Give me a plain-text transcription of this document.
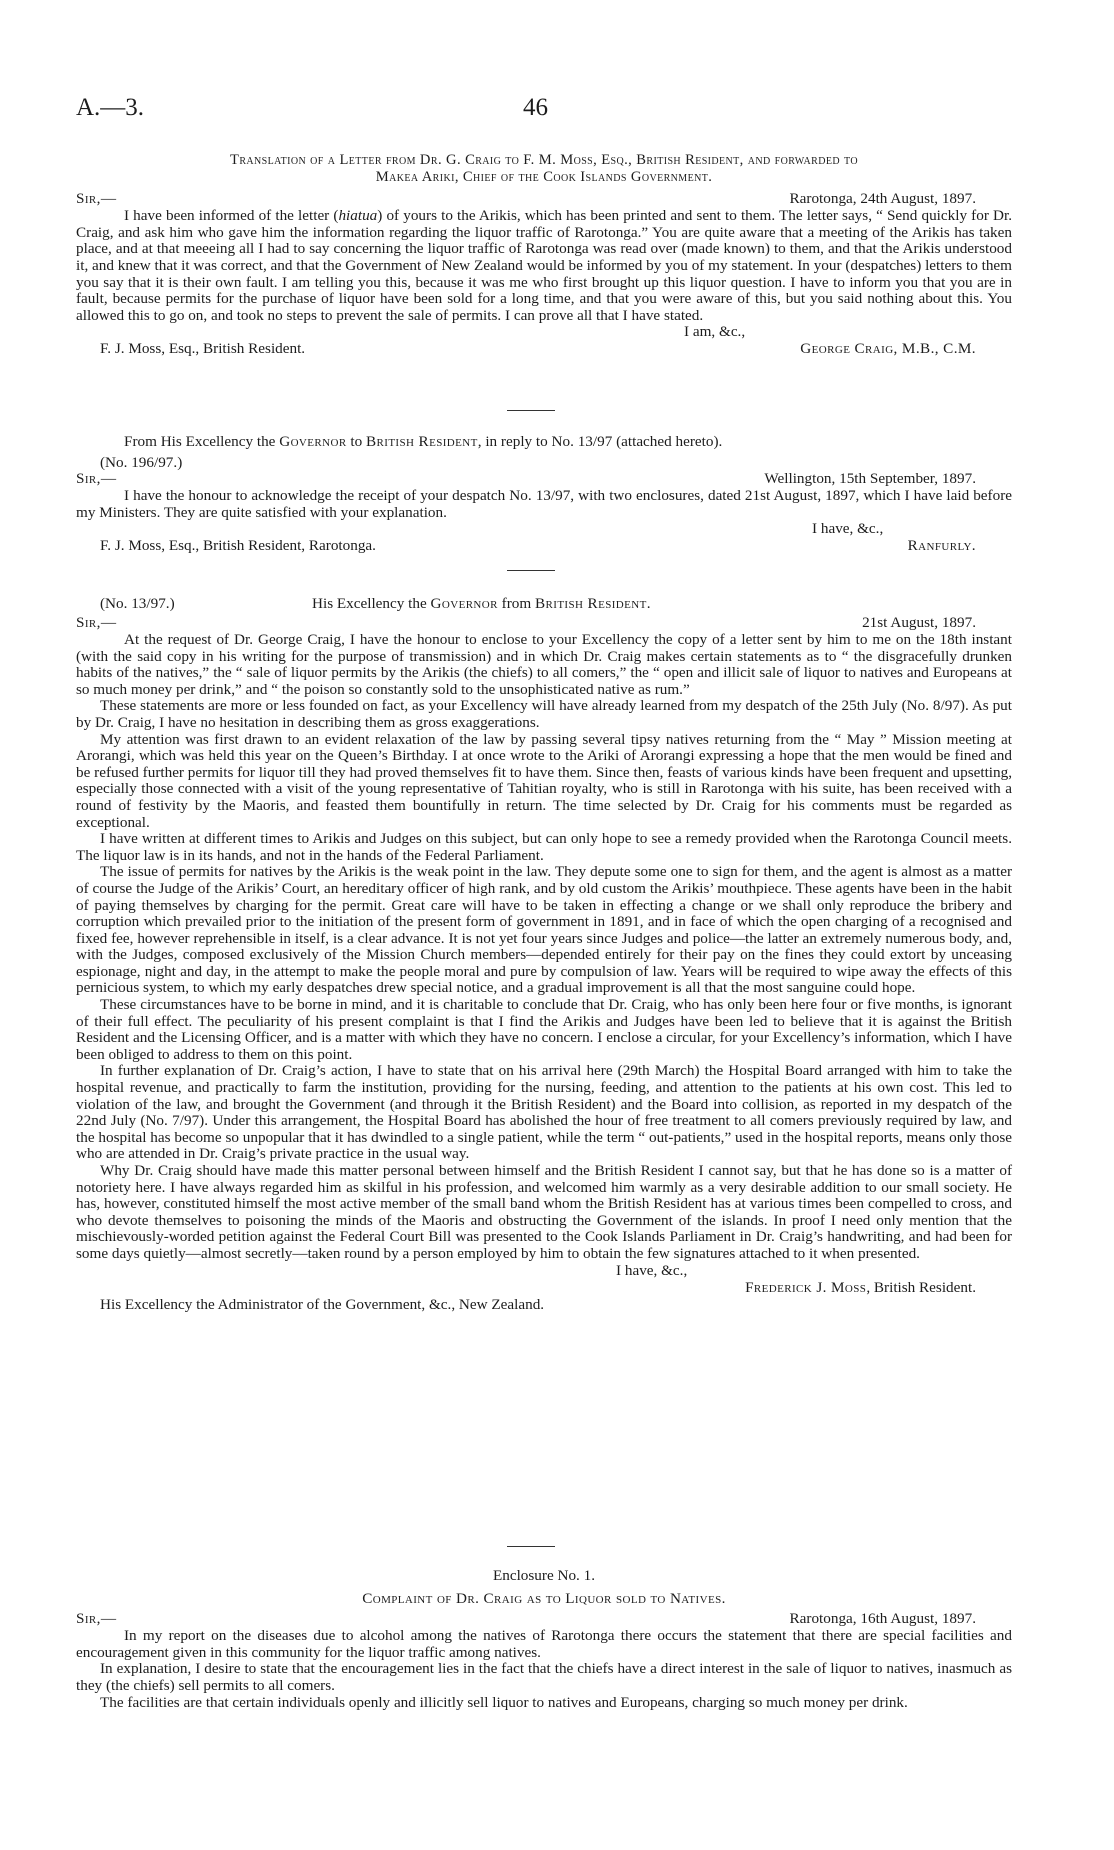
A.—3.	46
Translation of a Letter from Dr. G. Craig to F. M. Moss, Esq., British Resident, and forwarded to
Makea Ariki, Chief of the Cook Islands Government.
Sir,—	Rarotonga, 24th August, 1897.

I have been informed of the letter (hiatua) of yours to the Arikis, which has been printed and sent to them. The letter says, “ Send quickly for Dr. Craig, and ask him who gave him the information regarding the liquor traffic of Rarotonga.” You are quite aware that a meeting of the Arikis has taken place, and at that meeeing all I had to say concerning the liquor traffic of Rarotonga was read over (made known) to them, and that the Arikis understood it, and knew that it was correct, and that the Government of New Zealand would be informed by you of my statement. In your (despatches) letters to them you say that it is their own fault. I am telling you this, because it was me who first brought up this liquor question. I have to inform you that you are in fault, because permits for the purchase of liquor have been sold for a long time, and that you were aware of this, but you said nothing about this. You allowed this to go on, and took no steps to prevent the sale of permits. I can prove all that I have stated.

I am, &c.,
F. J. Moss, Esq., British Resident.	George Craig, M.B., C.M.
From His Excellency the Governor to British Resident, in reply to No. 13/97 (attached hereto).
(No. 196/97.)
Sir,—	Wellington, 15th September, 1897.

I have the honour to acknowledge the receipt of your despatch No. 13/97, with two enclosures, dated 21st August, 1897, which I have laid before my Ministers. They are quite satisfied with your explanation.

I have, &c.,
F. J. Moss, Esq., British Resident, Rarotonga.	Ranfurly.
(No. 13/97.)	His Excellency the Governor from British Resident.
Sir,—	21st August, 1897.

At the request of Dr. George Craig, I have the honour to enclose to your Excellency the copy of a letter sent by him to me on the 18th instant (with the said copy in his writing for the purpose of transmission) and in which Dr. Craig makes certain statements as to “ the disgracefully drunken habits of the natives,” the “ sale of liquor permits by the Arikis (the chiefs) to all comers,” the “ open and illicit sale of liquor to natives and Europeans at so much money per drink,” and “ the poison so constantly sold to the unsophisticated native as rum.”

These statements are more or less founded on fact, as your Excellency will have already learned from my despatch of the 25th July (No. 8/97). As put by Dr. Craig, I have no hesitation in describing them as gross exaggerations.

My attention was first drawn to an evident relaxation of the law by passing several tipsy natives returning from the “ May ” Mission meeting at Arorangi, which was held this year on the Queen’s Birthday. I at once wrote to the Ariki of Arorangi expressing a hope that the men would be fined and be refused further permits for liquor till they had proved themselves fit to have them. Since then, feasts of various kinds have been frequent and upsetting, especially those connected with a visit of the young representative of Tahitian royalty, who is still in Rarotonga with his suite, has been received with a round of festivity by the Maoris, and feasted them bountifully in return. The time selected by Dr. Craig for his comments must be regarded as exceptional.

I have written at different times to Arikis and Judges on this subject, but can only hope to see a remedy provided when the Rarotonga Council meets. The liquor law is in its hands, and not in the hands of the Federal Parliament.

The issue of permits for natives by the Arikis is the weak point in the law. They depute some one to sign for them, and the agent is almost as a matter of course the Judge of the Arikis’ Court, an hereditary officer of high rank, and by old custom the Arikis’ mouthpiece. These agents have been in the habit of paying themselves by charging for the permit. Great care will have to be taken in effecting a change or we shall only reproduce the bribery and corruption which prevailed prior to the initiation of the present form of government in 1891, and in face of which the open charging of a recognised and fixed fee, however reprehensible in itself, is a clear advance. It is not yet four years since Judges and police—the latter an extremely numerous body, and, with the Judges, composed exclusively of the Mission Church members—depended entirely for their pay on the fines they could extort by unceasing espionage, night and day, in the attempt to make the people moral and pure by compulsion of law. Years will be required to wipe away the effects of this pernicious system, to which my early despatches drew special notice, and a gradual improvement is all that the most sanguine could hope.

These circumstances have to be borne in mind, and it is charitable to conclude that Dr. Craig, who has only been here four or five months, is ignorant of their full effect. The peculiarity of his present complaint is that I find the Arikis and Judges have been led to believe that it is against the British Resident and the Licensing Officer, and is a matter with which they have no concern. I enclose a circular, for your Excellency’s information, which I have been obliged to address to them on this point.

In further explanation of Dr. Craig’s action, I have to state that on his arrival here (29th March) the Hospital Board arranged with him to take the hospital revenue, and practically to farm the institution, providing for the nursing, feeding, and attention to the patients at his own cost. This led to violation of the law, and brought the Government (and through it the British Resident) and the Board into collision, as reported in my despatch of the 22nd July (No. 7/97). Under this arrangement, the Hospital Board has abolished the hour of free treatment to all comers previously required by law, and the hospital has become so unpopular that it has dwindled to a single patient, while the term “ out-patients,” used in the hospital reports, means only those who are attended in Dr. Craig’s private practice in the usual way.

Why Dr. Craig should have made this matter personal between himself and the British Resident I cannot say, but that he has done so is a matter of notoriety here. I have always regarded him as skilful in his profession, and welcomed him warmly as a very desirable addition to our small society. He has, however, constituted himself the most active member of the small band whom the British Resident has at various times been compelled to cross, and who devote themselves to poisoning the minds of the Maoris and obstructing the Government of the islands. In proof I need only mention that the mischievously-worded petition against the Federal Court Bill was presented to the Cook Islands Parliament in Dr. Craig’s handwriting, and had been for some days quietly—almost secretly—taken round by a person employed by him to obtain the few signatures attached to it when presented.

I have, &c.,
Frederick J. Moss, British Resident.
His Excellency the Administrator of the Government, &c., New Zealand.
Enclosure No. 1.
Complaint of Dr. Craig as to Liquor sold to Natives.
Sir,—	Rarotonga, 16th August, 1897.

In my report on the diseases due to alcohol among the natives of Rarotonga there occurs the statement that there are special facilities and encouragement given in this community for the liquor traffic among natives.

In explanation, I desire to state that the encouragement lies in the fact that the chiefs have a direct interest in the sale of liquor to natives, inasmuch as they (the chiefs) sell permits to all comers.

The facilities are that certain individuals openly and illicitly sell liquor to natives and Europeans, charging so much money per drink.
